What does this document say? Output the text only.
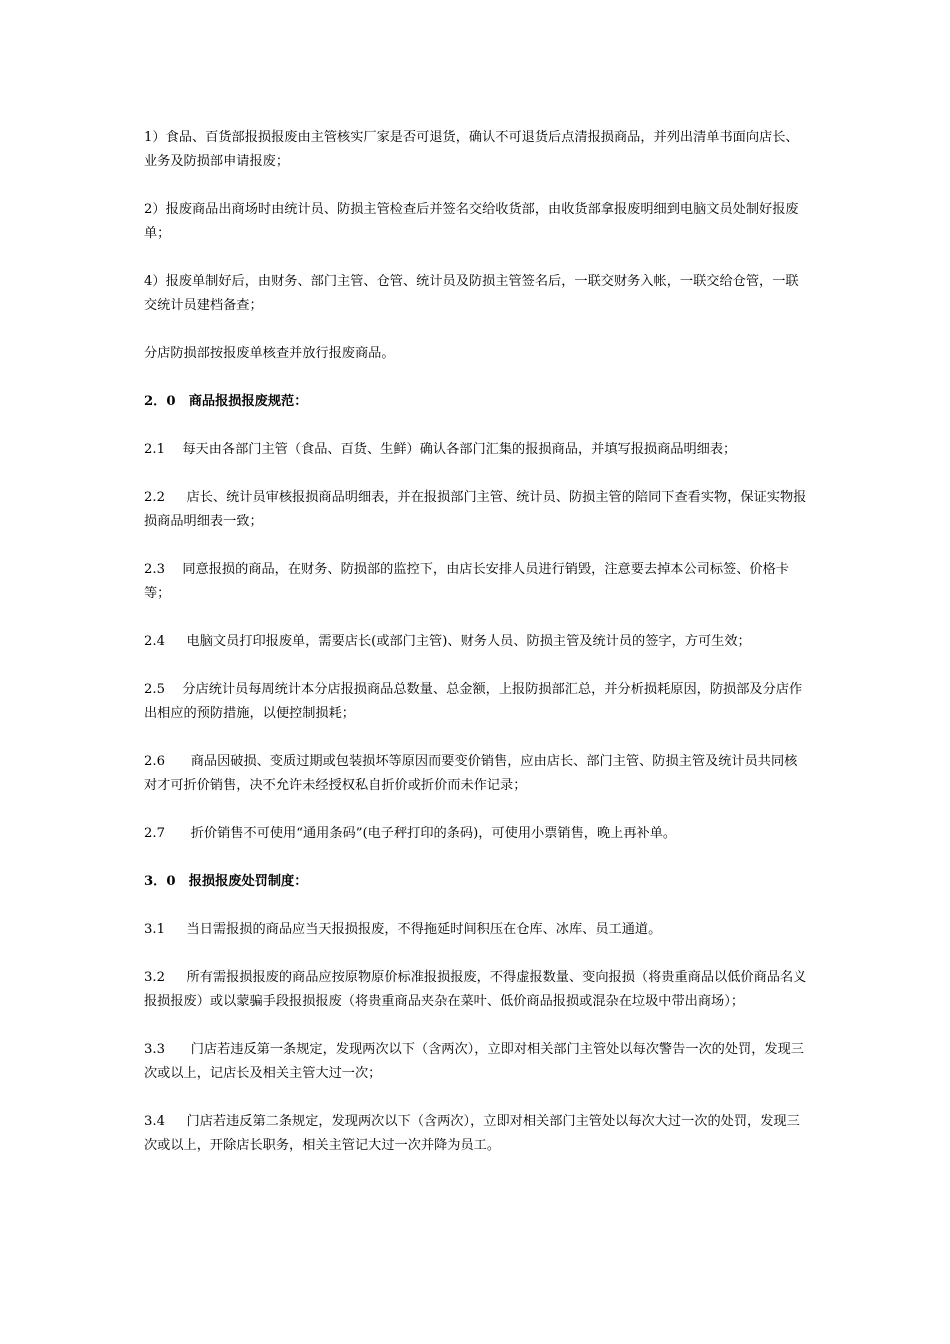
1）食品、百货部报损报废由主管核实厂家是否可退货，确认不可退货后点清报损商品，并列出清单书面向店长、业务及防损部申请报废；

2）报废商品出商场时由统计员、防损主管检查后并签名交给收货部，由收货部拿报废明细到电脑文员处制好报废单；

4）报废单制好后，由财务、部门主管、仓管、统计员及防损主管签名后，一联交财务入帐，一联交给仓管，一联交统计员建档备查；

分店防损部按报废单核查并放行报废商品。

2．0　商品报损报废规范：

2.1　 每天由各部门主管（食品、百货、生鲜）确认各部门汇集的报损商品，并填写报损商品明细表；

2.2　  店长、统计员审核报损商品明细表，并在报损部门主管、统计员、防损主管的陪同下查看实物，保证实物报损商品明细表一致；

2.3　 同意报损的商品，在财务、防损部的监控下，由店长安排人员进行销毁，注意要去掉本公司标签、价格卡等；

2.4　  电脑文员打印报废单，需要店长(或部门主管)、财务人员、防损主管及统计员的签字，方可生效；

2.5　 分店统计员每周统计本分店报损商品总数量、总金额，上报防损部汇总，并分析损耗原因，防损部及分店作出相应的预防措施，以便控制损耗；

2.6　   商品因破损、变质过期或包装损坏等原因而要变价销售，应由店长、部门主管、防损主管及统计员共同核对才可折价销售，决不允许未经授权私自折价或折价而未作记录；

2.7　   折价销售不可使用“通用条码”(电子秤打印的条码)，可使用小票销售，晚上再补单。

3．0　报损报废处罚制度：

3.1　  当日需报损的商品应当天报损报废，不得拖延时间积压在仓库、冰库、员工通道。

3.2　  所有需报损报废的商品应按原物原价标准报损报废，不得虚报数量、变向报损（将贵重商品以低价商品名义报损报废）或以蒙骗手段报损报废（将贵重商品夹杂在菜叶、低价商品报损或混杂在垃圾中带出商场）；

3.3　   门店若违反第一条规定，发现两次以下（含两次），立即对相关部门主管处以每次警告一次的处罚，发现三次或以上，记店长及相关主管大过一次；

3.4　  门店若违反第二条规定，发现两次以下（含两次），立即对相关部门主管处以每次大过一次的处罚，发现三次或以上，开除店长职务，相关主管记大过一次并降为员工。
